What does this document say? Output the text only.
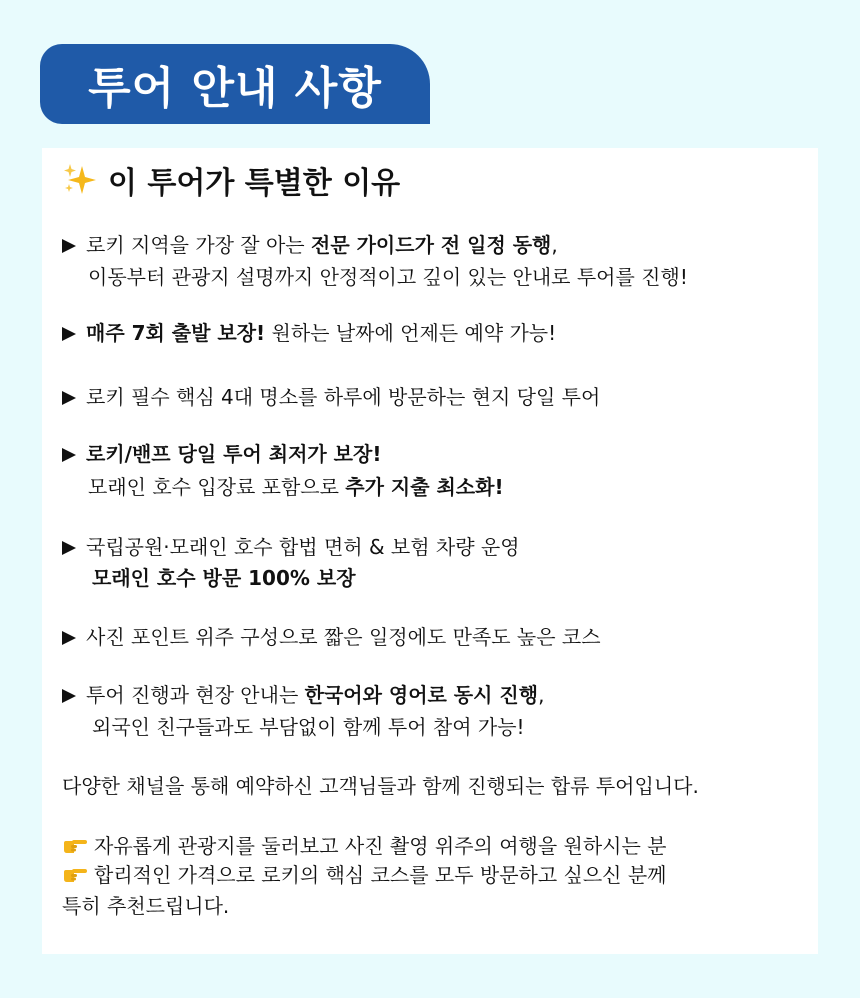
투어 안내 사항
이 투어가 특별한 이유
로키 지역을 가장 잘 아는 전문 가이드가 전 일정 동행,
이동부터 관광지 설명까지 안정적이고 깊이 있는 안내로 투어를 진행!
매주 7회 출발 보장! 원하는 날짜에 언제든 예약 가능!
로키 필수 핵심 4대 명소를 하루에 방문하는 현지 당일 투어
로키/밴프 당일 투어 최저가 보장!
모래인 호수 입장료 포함으로 추가 지출 최소화!
국립공원·모래인 호수 합법 면허 & 보험 차량 운영
모래인 호수 방문 100% 보장
사진 포인트 위주 구성으로 짧은 일정에도 만족도 높은 코스
투어 진행과 현장 안내는 한국어와 영어로 동시 진행,
외국인 친구들과도 부담없이 함께 투어 참여 가능!
다양한 채널을 통해 예약하신 고객님들과 함께 진행되는 합류 투어입니다.
자유롭게 관광지를 둘러보고 사진 촬영 위주의 여행을 원하시는 분
합리적인 가격으로 로키의 핵심 코스를 모두 방문하고 싶으신 분께
특히 추천드립니다.
